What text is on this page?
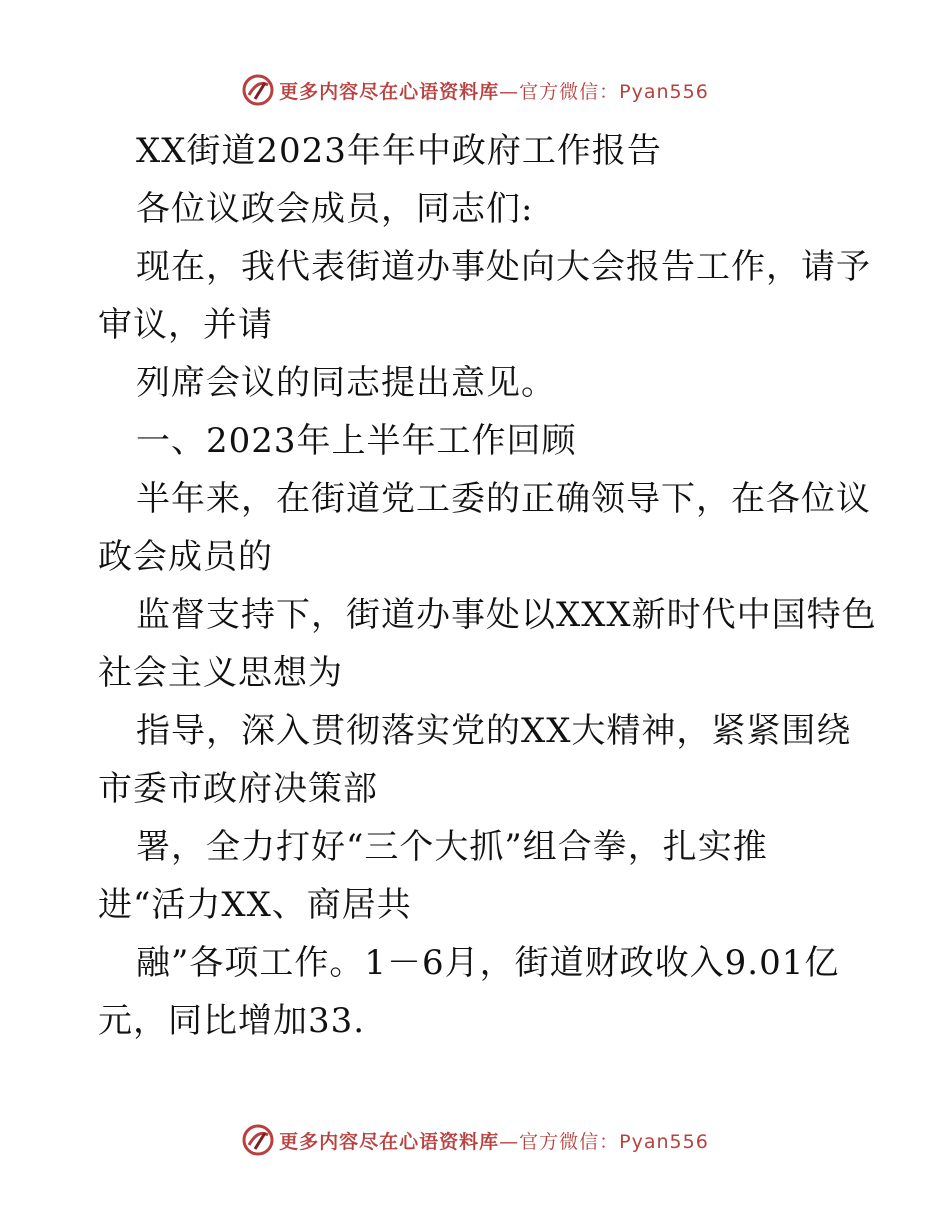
更多内容尽在心语资料库 —官方微信：Pyan556
XX街道2023年年中政府工作报告
各位议政会成员，同志们:
现在，我代表街道办事处向大会报告工作，请予
审议，并请
列席会议的同志提出意见。
一、2023年上半年工作回顾
半年来，在街道党工委的正确领导下，在各位议
政会成员的
监督支持下，街道办事处以XXX新时代中国特色
社会主义思想为
指导，深入贯彻落实党的XX大精神，紧紧围绕
市委市政府决策部
署，全力打好“三个大抓”组合拳，扎实推
进“活力XX、商居共
融”各项工作。1－6月，街道财政收入9.01亿
元，同比增加33.
更多内容尽在心语资料库 —官方微信：Pyan556
